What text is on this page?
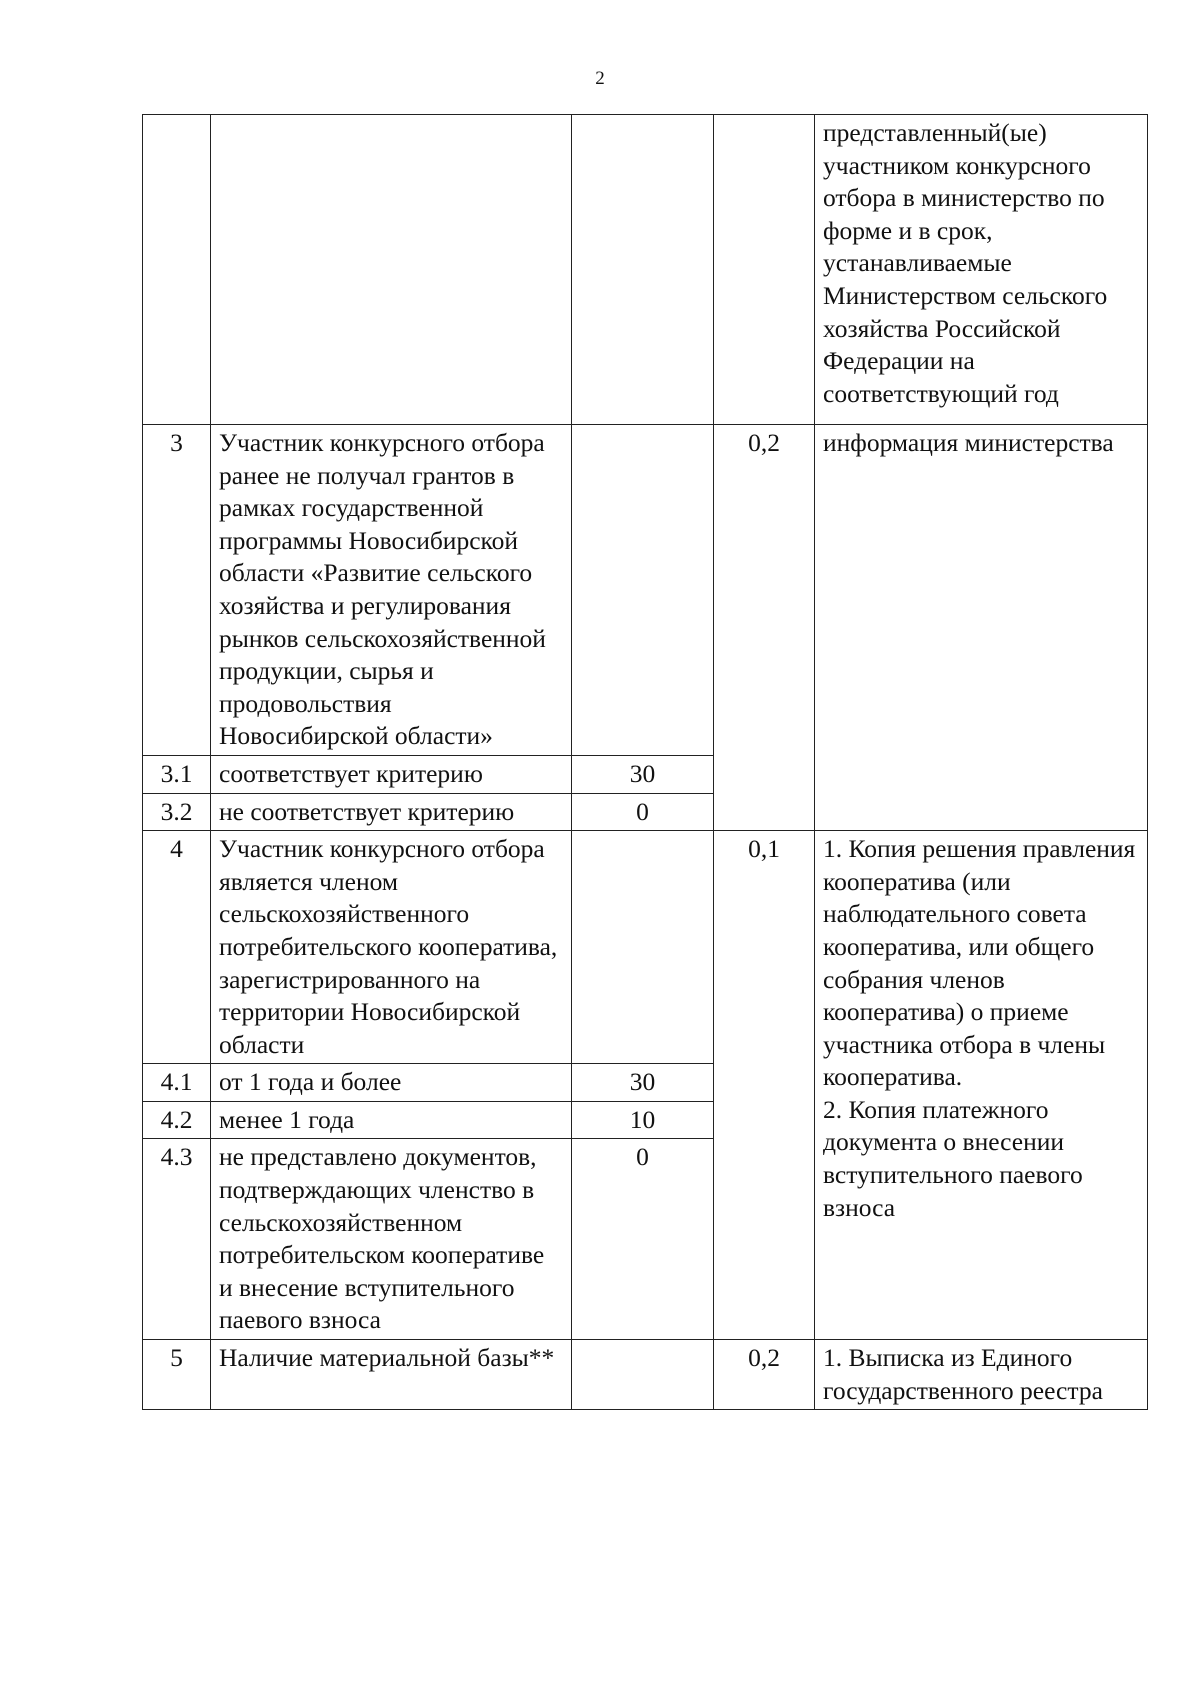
2
				представленный(ые) участником конкурсного отбора в министерство по форме и в срок, устанавливаемые Министерством сельского хозяйства Российской Федерации на соответствующий год
3	Участник конкурсного отбора ранее не получал грантов в рамках государственной программы Новосибирской области «Развитие сельского хозяйства и регулирования рынков сельскохозяйственной продукции, сырья и продовольствия Новосибирской области»		0,2	информация министерства
3.1	соответствует критерию	30		
3.2	не соответствует критерию	0		
4	Участник конкурсного отбора является членом сельскохозяйственного потребительского кооператива, зарегистрированного на территории Новосибирской области		0,1	1. Копия решения правления кооператива (или наблюдательного совета кооператива, или общего собрания членов кооператива) о приеме участника отбора в члены кооператива.
2. Копия платежного документа о внесении вступительного паевого взноса

4.1	от 1 года и более	30		
4.2	менее 1 года	10		
4.3	не представлено документов, подтверждающих членство в сельскохозяйственном потребительском кооперативе и внесение вступительного паевого взноса	0		
5	Наличие материальной базы**		0,2	1. Выписка из Единого государственного реестра
